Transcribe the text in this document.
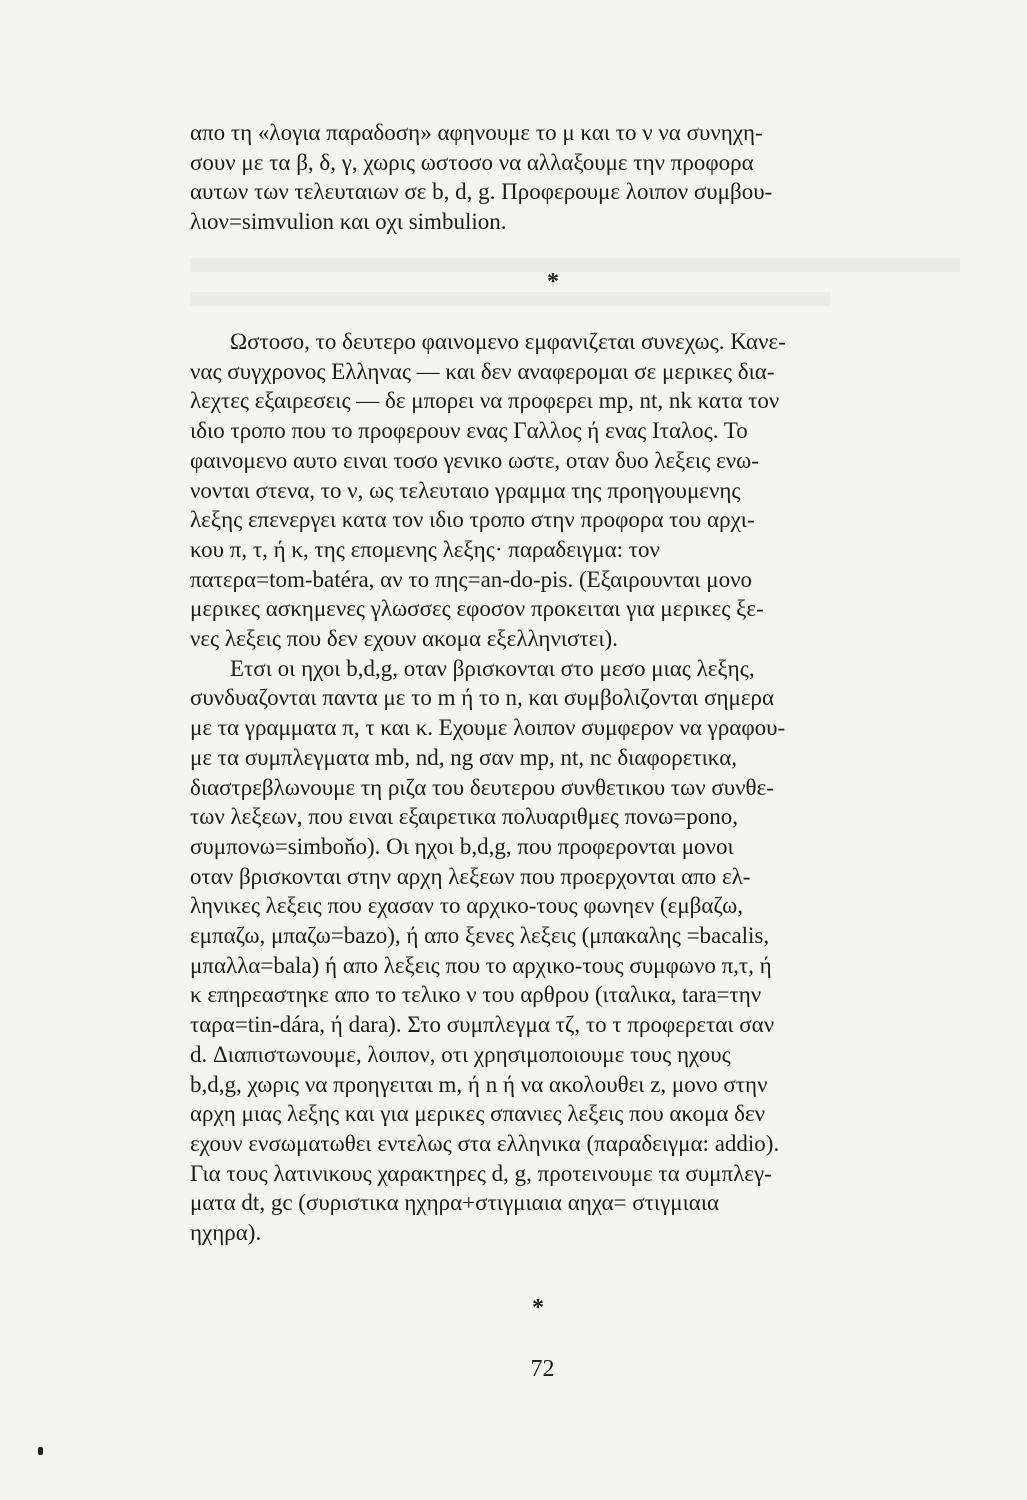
απο τη «λογια παραδοση» αφηνουμε το μ και το ν να συνηχη-
σουν με τα β, δ, γ, χωρις ωστοσο να αλλαξουμε την προφορα
αυτων των τελευταιων σε b, d, g. Προφερουμε λοιπον συμβου-
λιον=simvulion και οχι simbulion.

*

Ωστοσο, το δευτερο φαινομενο εμφανιζεται συνεχως. Κανε-
νας συγχρονος Ελληνας — και δεν αναφερομαι σε μερικες δια-
λεχτες εξαιρεσεις — δε μπορει να προφερει mp, nt, nk κατα τον
ιδιο τροπο που το προφερουν ενας Γαλλος ή ενας Ιταλος. Το
φαινομενο αυτο ειναι τοσο γενικο ωστε, οταν δυο λεξεις ενω-
νονται στενα, το ν, ως τελευταιο γραμμα της προηγουμενης
λεξης επενεργει κατα τον ιδιο τροπο στην προφορα του αρχι-
κου π, τ, ή κ, της επομενης λεξης· παραδειγμα: τον
πατερα=tom-batéra, αν το πης=an-do-pis. (Εξαιρουνται μονο
μερικες ασκημενες γλωσσες εφοσον προκειται για μερικες ξε-
νες λεξεις που δεν εχουν ακομα εξελληνιστει).

Ετσι οι ηχοι b,d,g, οταν βρισκονται στο μεσο μιας λεξης,
συνδυαζονται παντα με το m ή το n, και συμβολιζονται σημερα
με τα γραμματα π, τ και κ. Εχουμε λοιπον συμφερον να γραφου-
με τα συμπλεγματα mb, nd, ng σαν mp, nt, nc διαφορετικα,
διαστρεβλωνουμε τη ριζα του δευτερου συνθετικου των συνθε-
των λεξεων, που ειναι εξαιρετικα πολυαριθμες πονω=pono,
συμπονω=simboňo). Οι ηχοι b,d,g, που προφερονται μονοι
οταν βρισκονται στην αρχη λεξεων που προερχονται απο ελ-
ληνικες λεξεις που εχασαν το αρχικο-τους φωνηεν (εμβαζω,
εμπαζω, μπαζω=bazo), ή απο ξενες λεξεις (μπακαλης =bacalis,
μπαλλα=bala) ή απο λεξεις που το αρχικο-τους συμφωνο π,τ, ή
κ επηρεαστηκε απο το τελικο ν του αρθρου (ιταλικα, tara=την
ταρα=tin-dára, ή dara). Στο συμπλεγμα τζ, το τ προφερεται σαν
d. Διαπιστωνουμε, λοιπον, οτι χρησιμοποιουμε τους ηχους
b,d,g, χωρις να προηγειται m, ή n ή να ακολουθει z, μονο στην
αρχη μιας λεξης και για μερικες σπανιες λεξεις που ακομα δεν
εχουν ενσωματωθει εντελως στα ελληνικα (παραδειγμα: addio).
Για τους λατινικους χαρακτηρες d, g, προτεινουμε τα συμπλεγ-
ματα dt, gc (συριστικα ηχηρα+στιγμιαια αηχα= στιγμιαια
ηχηρα).

*
72
